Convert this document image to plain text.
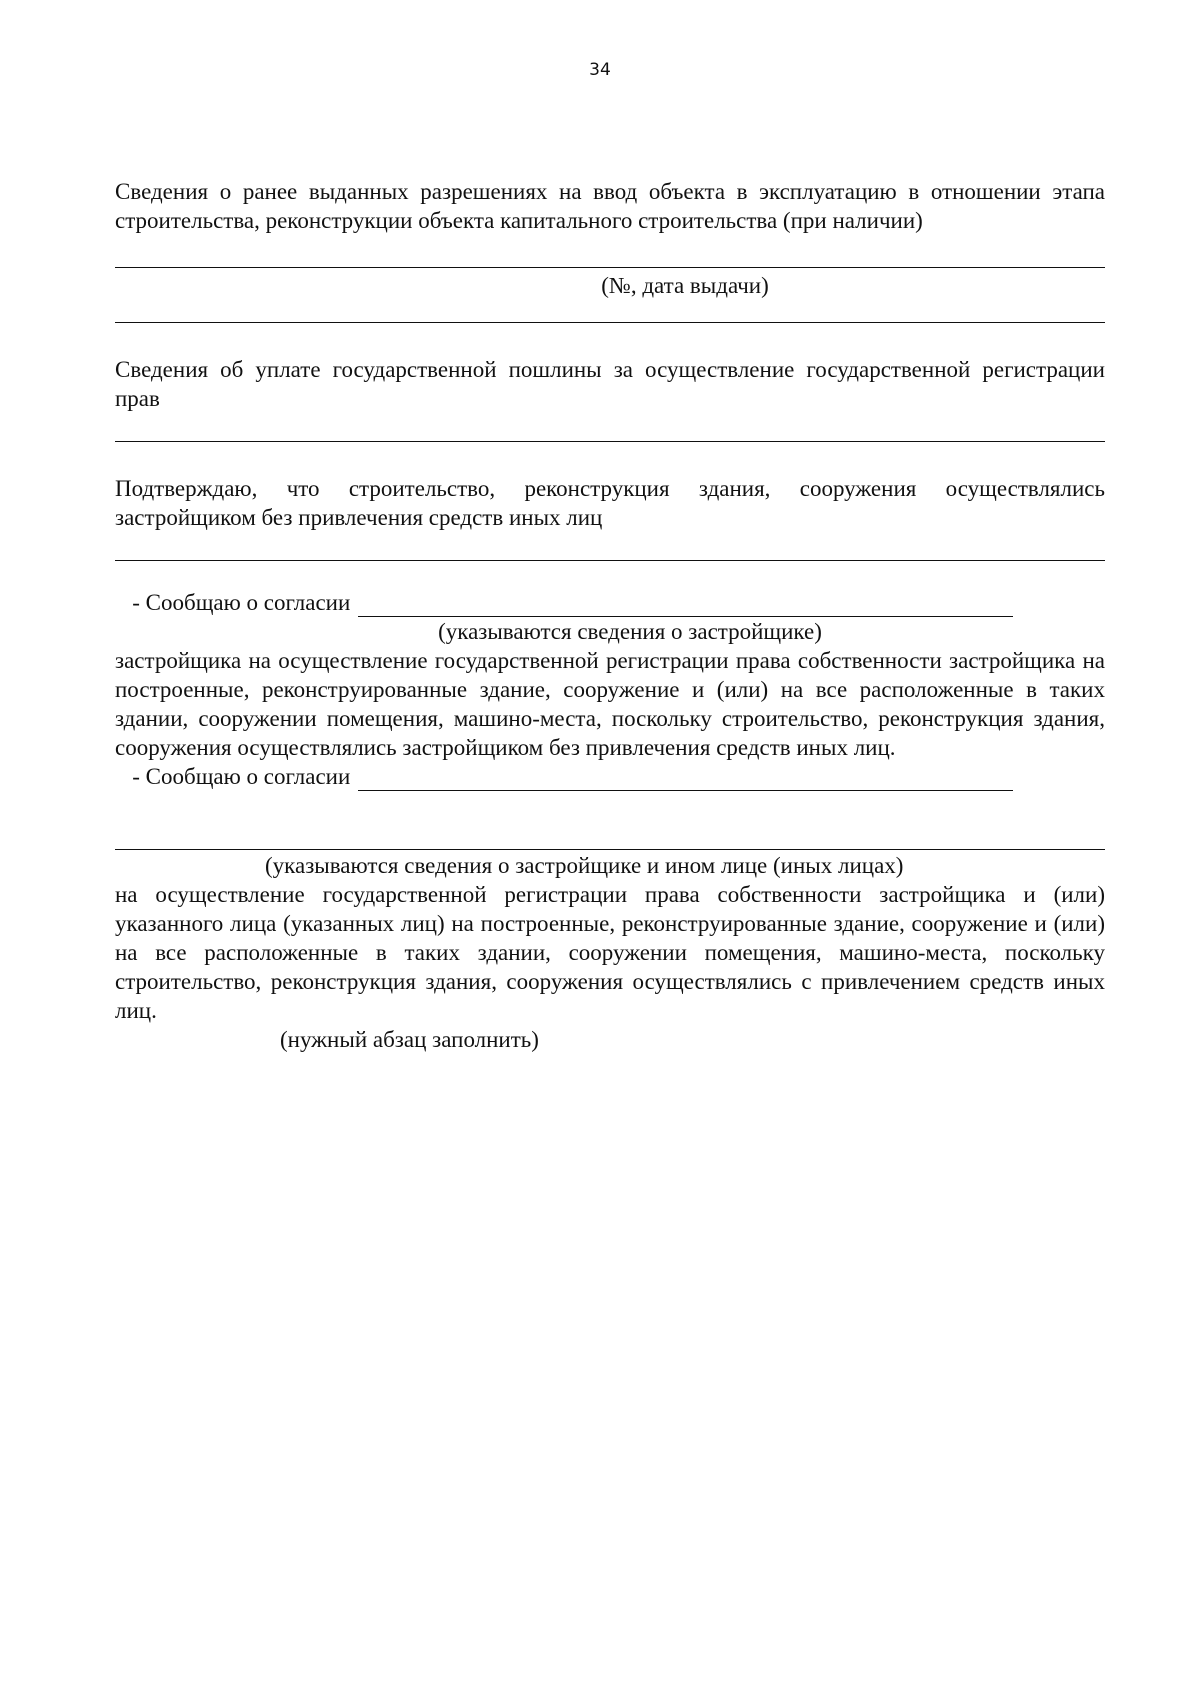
34
Сведения о ранее выданных разрешениях на ввод объекта в эксплуатацию в отношении этапа строительства, реконструкции объекта капитального строительства (при наличии)
(№, дата выдачи)
Сведения об уплате государственной пошлины за осуществление государственной регистрации прав
Подтверждаю, что строительство, реконструкция здания, сооружения осуществлялись застройщиком без привлечения средств иных лиц
- Сообщаю о согласии
(указываются сведения о застройщике)
застройщика на осуществление государственной регистрации права собственности застройщика на построенные, реконструированные здание, сооружение и (или) на все расположенные в таких здании, сооружении помещения, машино-места, поскольку строительство, реконструкция здания, сооружения осуществлялись застройщиком без привлечения средств иных лиц.
- Сообщаю о согласии
(указываются сведения о застройщике и ином лице (иных лицах)
на осуществление государственной регистрации права собственности застройщика и (или) указанного лица (указанных лиц) на построенные, реконструированные здание, сооружение и (или) на все расположенные в таких здании, сооружении помещения, машино-места, поскольку строительство, реконструкция здания, сооружения осуществлялись с привлечением средств иных лиц.
(нужный абзац заполнить)
